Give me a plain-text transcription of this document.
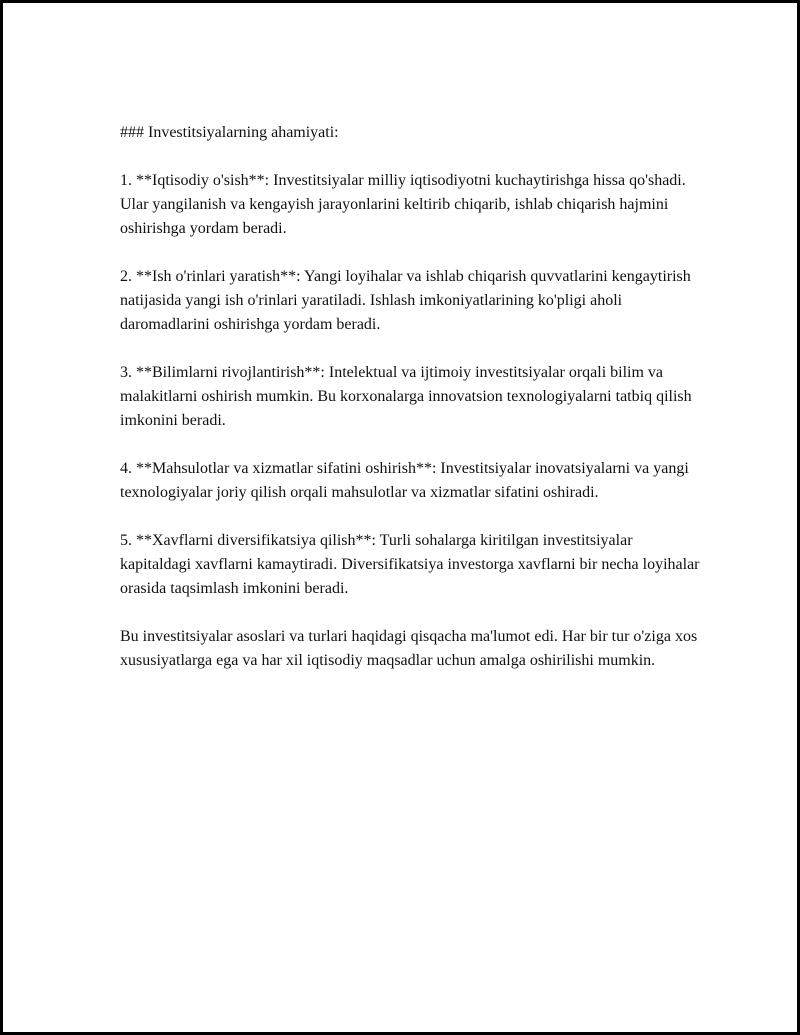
### Investitsiyalarning ahamiyati:

1. **Iqtisodiy o'sish**: Investitsiyalar milliy iqtisodiyotni kuchaytirishga hissa qo'shadi. Ular yangilanish va kengayish jarayonlarini keltirib chiqarib, ishlab chiqarish hajmini oshirishga yordam beradi.

2. **Ish o'rinlari yaratish**: Yangi loyihalar va ishlab chiqarish quvvatlarini kengaytirish natijasida yangi ish o'rinlari yaratiladi. Ishlash imkoniyatlarining ko'pligi aholi daromadlarini oshirishga yordam beradi.

3. **Bilimlarni rivojlantirish**: Intelektual va ijtimoiy investitsiyalar orqali bilim va malakitlarni oshirish mumkin. Bu korxonalarga innovatsion texnologiyalarni tatbiq qilish imkonini beradi.

4. **Mahsulotlar va xizmatlar sifatini oshirish**: Investitsiyalar inovatsiyalarni va yangi texnologiyalar joriy qilish orqali mahsulotlar va xizmatlar sifatini oshiradi.

5. **Xavflarni diversifikatsiya qilish**: Turli sohalarga kiritilgan investitsiyalar kapitaldagi xavflarni kamaytiradi. Diversifikatsiya investorga xavflarni bir necha loyihalar orasida taqsimlash imkonini beradi.

Bu investitsiyalar asoslari va turlari haqidagi qisqacha ma'lumot edi. Har bir tur o'ziga xos xususiyatlarga ega va har xil iqtisodiy maqsadlar uchun amalga oshirilishi mumkin.
